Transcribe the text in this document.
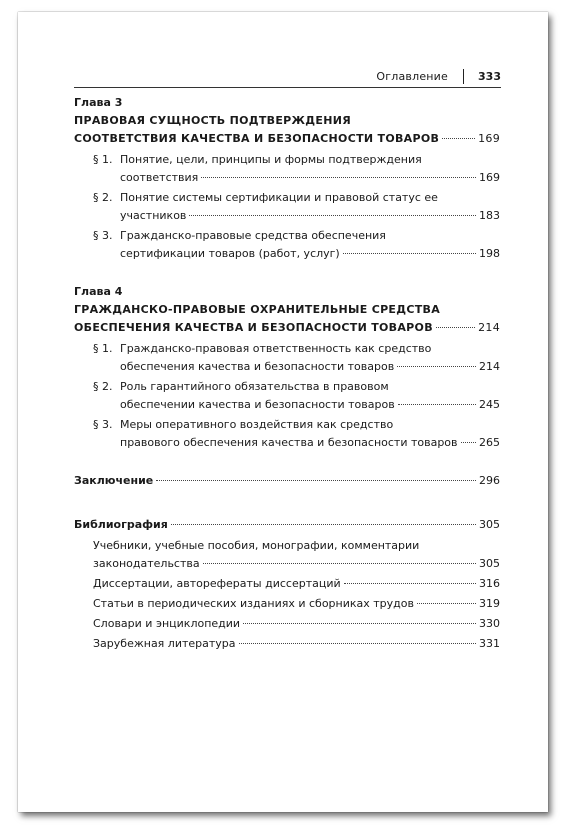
Оглавление	333
Глава 3
ПРАВОВАЯ СУЩНОСТЬ ПОДТВЕРЖДЕНИЯ
СООТВЕТСТВИЯ КАЧЕСТВА И БЕЗОПАСНОСТИ ТОВАРОВ	169
§ 1. Понятие, цели, принципы и формы подтверждения
соответствия	169
§ 2. Понятие системы сертификации и правовой статус ее
участников	183
§ 3. Гражданско-правовые средства обеспечения
сертификации товаров (работ, услуг)	198
Глава 4
ГРАЖДАНСКО-ПРАВОВЫЕ ОХРАНИТЕЛЬНЫЕ СРЕДСТВА
ОБЕСПЕЧЕНИЯ КАЧЕСТВА И БЕЗОПАСНОСТИ ТОВАРОВ	214
§ 1. Гражданско-правовая ответственность как средство
обеспечения качества и безопасности товаров	214
§ 2. Роль гарантийного обязательства в правовом
обеспечении качества и безопасности товаров	245
§ 3. Меры оперативного воздействия как средство
правового обеспечения качества и безопасности товаров 265
Заключение	296
Библиография	305
Учебники, учебные пособия, монографии, комментарии
законодательства	305
Диссертации, авторефераты диссертаций	316
Статьи в периодических изданиях и сборниках трудов	319
Словари и энциклопедии	330
Зарубежная литература	331
